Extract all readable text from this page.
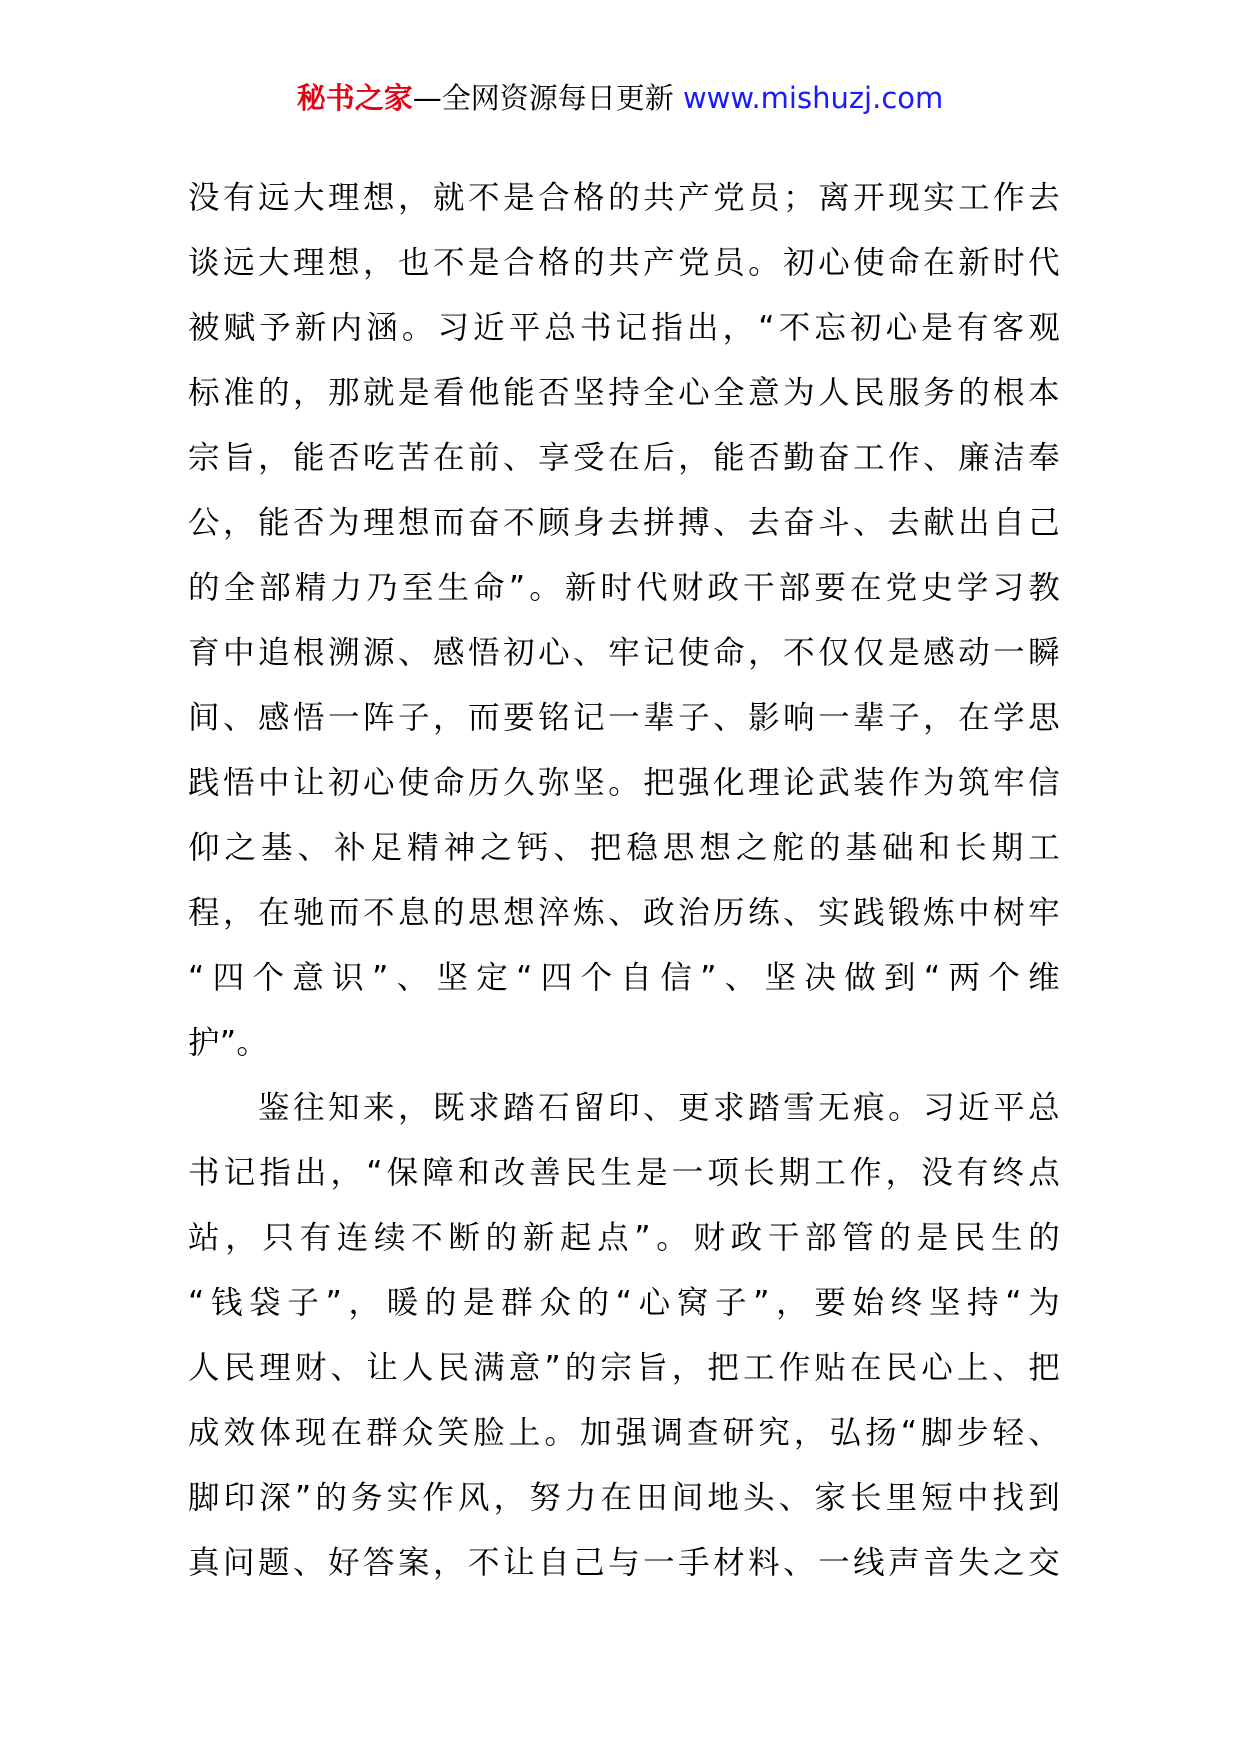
秘书之家—全网资源每日更新 www.mishuzj.com
没有远大理想，就不是合格的共产党员；离开现实工作去
谈远大理想，也不是合格的共产党员。初心使命在新时代
被赋予新内涵。习近平总书记指出，“不忘初心是有客观
标准的，那就是看他能否坚持全心全意为人民服务的根本
宗旨，能否吃苦在前、享受在后，能否勤奋工作、廉洁奉
公，能否为理想而奋不顾身去拼搏、去奋斗、去献出自己
的全部精力乃至生命”。新时代财政干部要在党史学习教
育中追根溯源、感悟初心、牢记使命，不仅仅是感动一瞬
间、感悟一阵子，而要铭记一辈子、影响一辈子，在学思
践悟中让初心使命历久弥坚。把强化理论武装作为筑牢信
仰之基、补足精神之钙、把稳思想之舵的基础和长期工
程，在驰而不息的思想淬炼、政治历练、实践锻炼中树牢
“四个意识”、坚定“四个自信”、坚决做到“两个维
护”。
　　鉴往知来，既求踏石留印、更求踏雪无痕。习近平总
书记指出，“保障和改善民生是一项长期工作，没有终点
站，只有连续不断的新起点”。财政干部管的是民生的
“钱袋子”，暖的是群众的“心窝子”，要始终坚持“为
人民理财、让人民满意”的宗旨，把工作贴在民心上、把
成效体现在群众笑脸上。加强调查研究，弘扬“脚步轻、
脚印深”的务实作风，努力在田间地头、家长里短中找到
真问题、好答案，不让自己与一手材料、一线声音失之交
